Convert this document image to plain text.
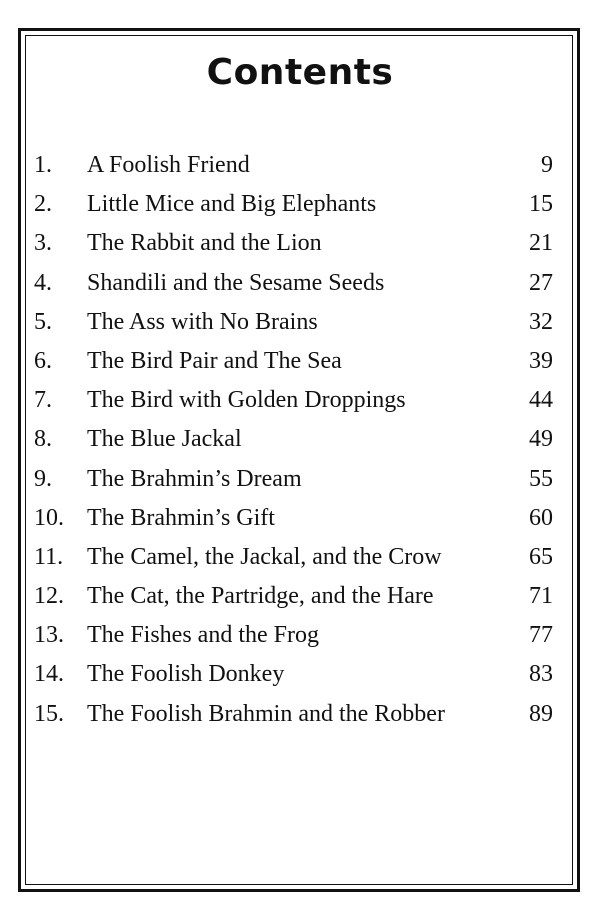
Contents
1. A Foolish Friend	9
2. Little Mice and Big Elephants	15
3. The Rabbit and the Lion	21
4. Shandili and the Sesame Seeds	27
5. The Ass with No Brains	32
6. The Bird Pair and The Sea	39
7. The Bird with Golden Droppings	44
8. The Blue Jackal	49
9. The Brahmin’s Dream	55
10. The Brahmin’s Gift	60
11. The Camel, the Jackal, and the Crow	65
12. The Cat, the Partridge, and the Hare	71
13. The Fishes and the Frog	77
14. The Foolish Donkey	83
15. The Foolish Brahmin and the Robber	89
